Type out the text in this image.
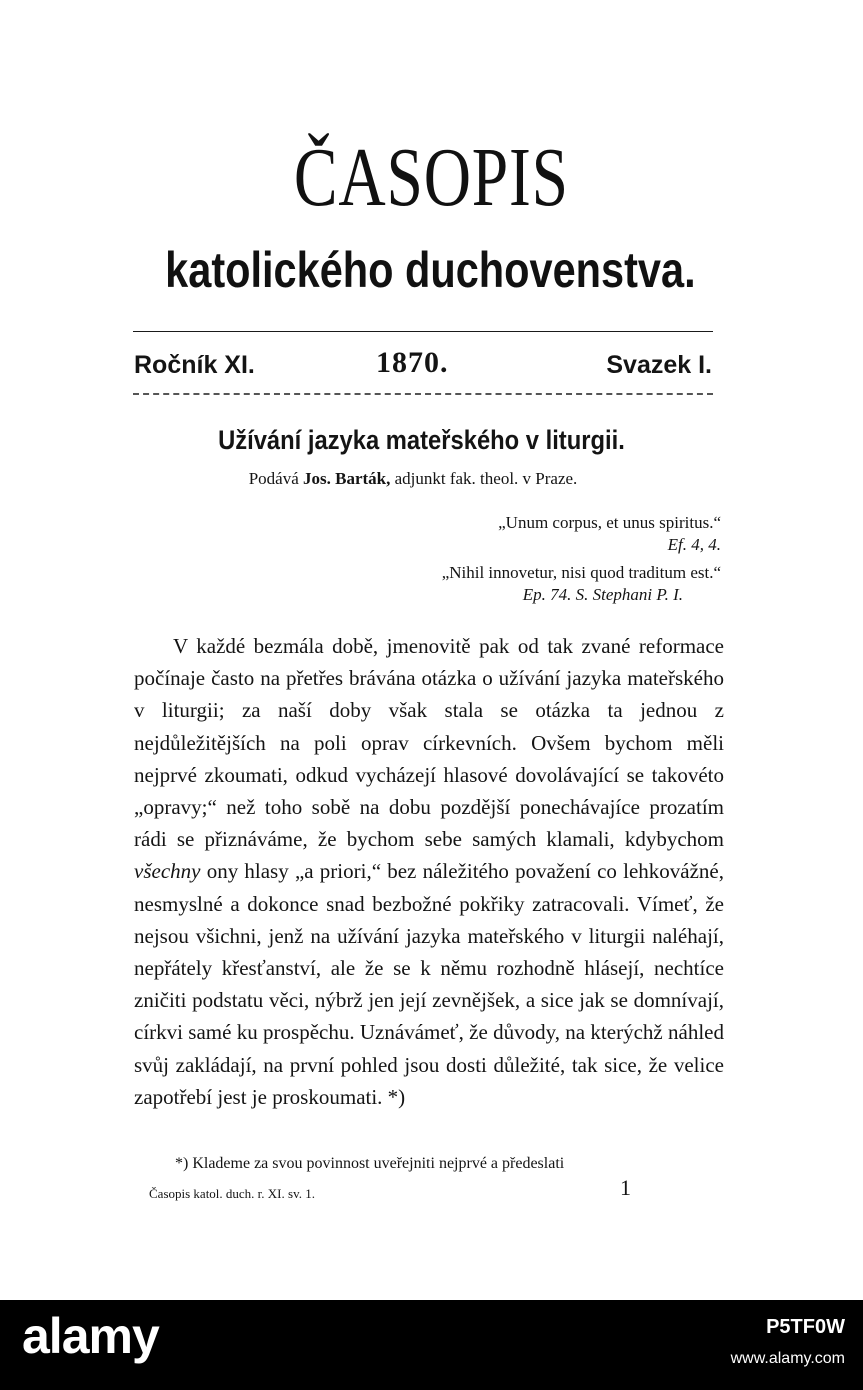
ČASOPIS
katolického duchovenstva.
Ročník XI.	1870.	Svazek I.
Užívání jazyka mateřského v liturgii.
Podává Jos. Barták, adjunkt fak. theol. v Praze.
„Unum corpus, et unus spiritus.“
Ef. 4, 4.
„Nihil innovetur, nisi quod traditum est.“
Ep. 74. S. Stephani P. I.

V každé bezmála době, jmenovitě pak od tak zvané reformace počínaje často na přetřes brávána otázka o užívání jazyka mateřského v liturgii; za naší doby však stala se otázka ta jednou z nejdůležitějších na poli oprav církevních. Ovšem bychom měli nejprvé zkoumati, odkud vycházejí hlasové dovolávající se takovéto „opravy;“ než toho sobě na dobu pozdější ponechávajíce prozatím rádi se přiznáváme, že bychom sebe samých klamali, kdybychom všechny ony hlasy „a priori,“ bez náležitého považení co lehkovážné, nesmyslné a dokonce snad bezbožné pokřiky zatracovali. Vímeť, že nejsou všichni, jenž na užívání jazyka mateřského v liturgii naléhají, nepřátely křesťanství, ale že se k němu rozhodně hlásejí, nechtíce zničiti podstatu věci, nýbrž jen její zevnějšek, a sice jak se domnívají, církvi samé ku prospěchu. Uznávámeť, že důvody, na kterýchž náhled svůj zakládají, na první pohled jsou dosti důležité, tak sice, že velice zapotřebí jest je proskoumati. *)

*) Klademe za svou povinnost uveřejniti nejprvé a předeslati
Časopis katol. duch. r. XI. sv. 1.	1
alamy	P5TF0W
www.alamy.com
